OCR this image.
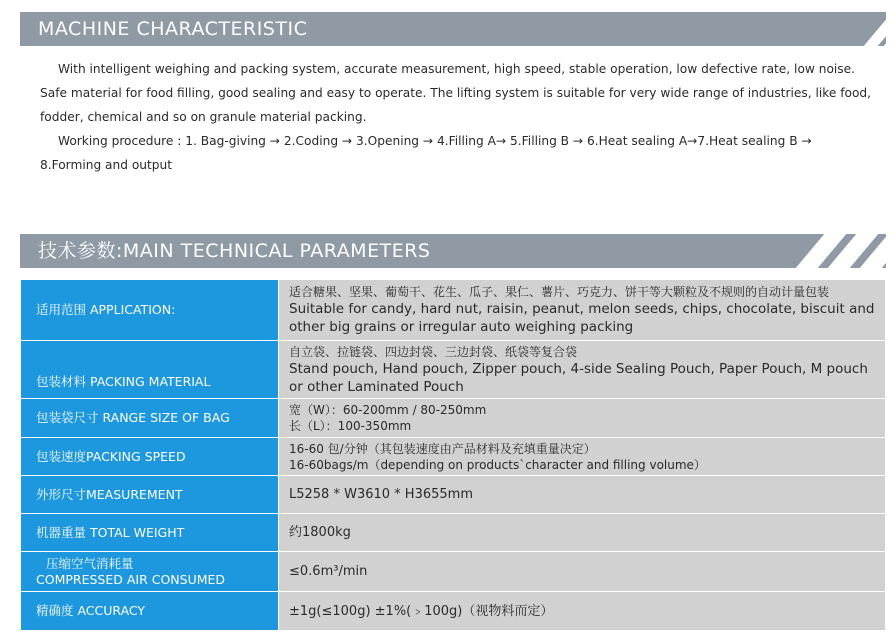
MACHINE CHARACTERISTIC

With intelligent weighing and packing system, accurate measurement, high speed, stable operation, low defective rate, low noise. Safe material for food filling, good sealing and easy to operate. The lifting system is suitable for very wide range of industries, like food, fodder, chemical and so on granule material packing.

Working procedure : 1. Bag-giving → 2.Coding → 3.Opening → 4.Filling A→ 5.Filling B → 6.Heat sealing A→7.Heat sealing B → 8.Forming and output

技术参数:MAIN TECHNICAL PARAMETERS
适用范围 APPLICATION:	适合糖果、坚果、葡萄干、花生、瓜子、果仁、薯片、巧克力、饼干等大颗粒及不规则的自动计量包装
Suitable for candy, hard nut, raisin, peanut, melon seeds, chips, chocolate, biscuit and
other big grains or irregular auto weighing packing

包装材料 PACKING MATERIAL	自立袋、拉链袋、四边封袋、三边封袋、纸袋等复合袋
Stand pouch, Hand pouch, Zipper pouch, 4-side Sealing Pouch, Paper Pouch, M pouch
or other Laminated Pouch

包装袋尺寸 RANGE SIZE OF BAG	宽（W）：60-200mm / 80-250mm
长（L）：100-350mm

包装速度PACKING SPEED	16-60 包/分钟（其包装速度由产品材料及充填重量决定）
16-60bags/m（depending on products`character and filling volume）

外形尺寸MEASUREMENT	L5258 * W3610 * H3655mm
机器重量 TOTAL WEIGHT	约1800kg

压缩空气消耗量
COMPRESSED AIR CONSUMED	≤0.6m³/min
精确度 ACCURACY	±1g(≤100g) ±1%(﹥100g)（视物料而定）
